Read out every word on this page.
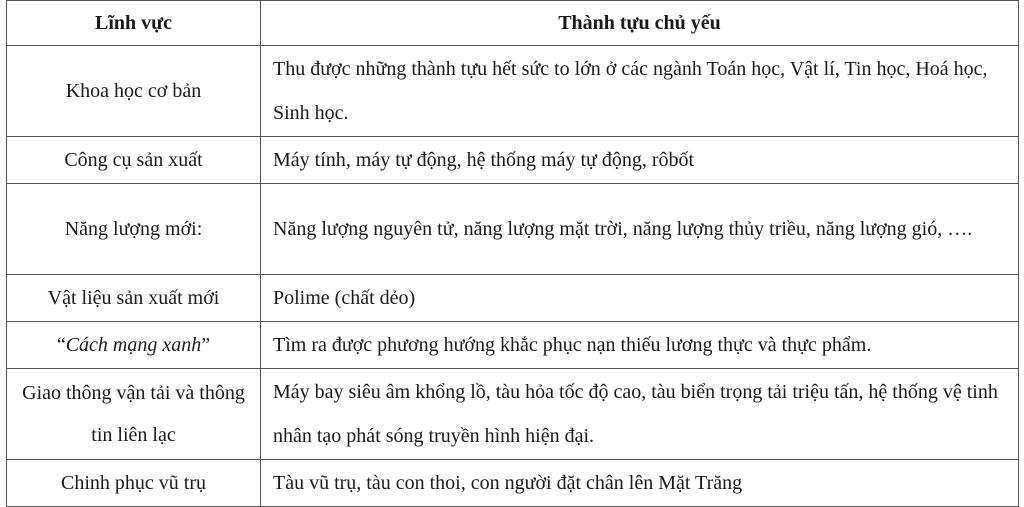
Lĩnh vực	Thành tựu chủ yếu
Khoa học cơ bản	Thu được những thành tựu hết sức to lớn ở các ngành Toán học, Vật lí, Tin học, Hoá học, Sinh học.
Công cụ sản xuất	Máy tính, máy tự động, hệ thống máy tự động, rôbốt
Năng lượng mới:	Năng lượng nguyên tử, năng lượng mặt trời, năng lượng thủy triều, năng lượng gió, ….
Vật liệu sản xuất mới	Polime (chất dẻo)
“Cách mạng xanh”	Tìm ra được phương hướng khắc phục nạn thiếu lương thực và thực phẩm.
Giao thông vận tải và thông tin liên lạc	Máy bay siêu âm khổng lồ, tàu hỏa tốc độ cao, tàu biển trọng tải triệu tấn, hệ thống vệ tinh nhân tạo phát sóng truyền hình hiện đại.
Chinh phục vũ trụ	Tàu vũ trụ, tàu con thoi, con người đặt chân lên Mặt Trăng
